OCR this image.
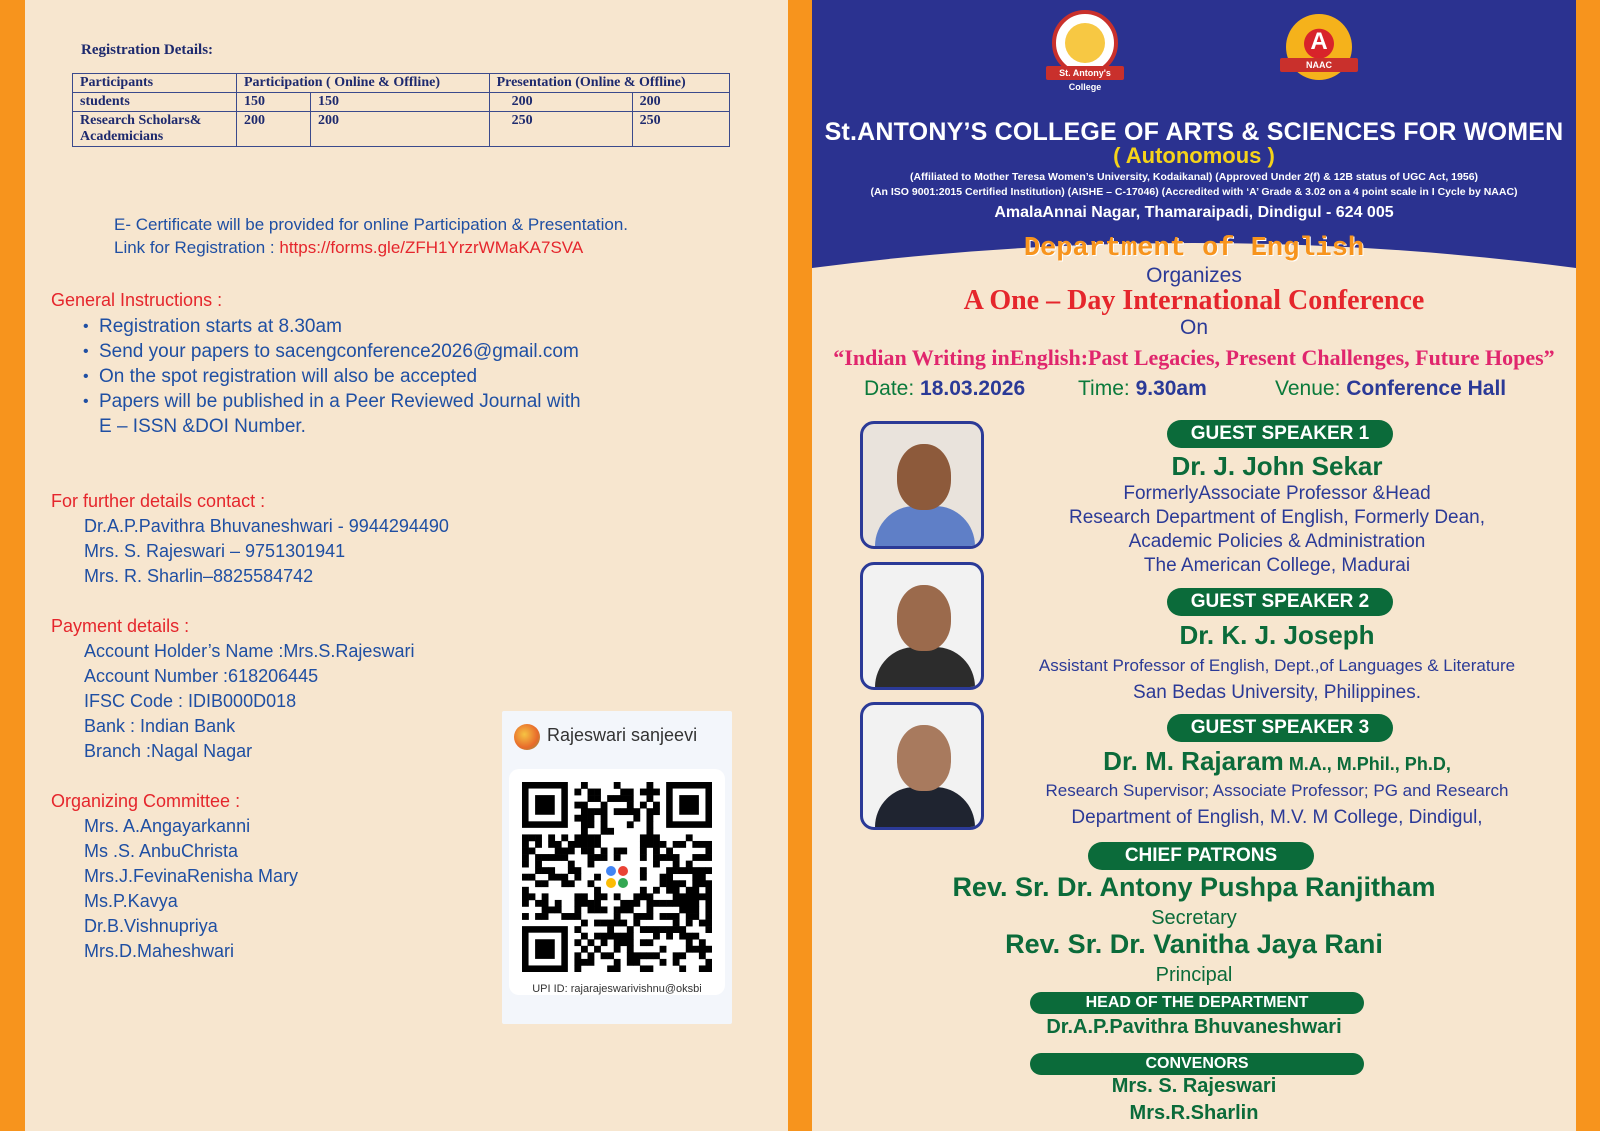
Registration Details:
Participants	Participation ( Online & Offline)		Presentation (Online & Offline)	
students	150	150	200	200
Research Scholars& Academicians	200	200	250	250
E- Certificate will be provided for online Participation & Presentation.
Link for Registration : https://forms.gle/ZFH1YrzrWMaKA7SVA
General Instructions :
• Registration starts at 8.30am
• Send your papers to sacengconference2026@gmail.com
• On the spot registration will also be accepted
• Papers will be published in a Peer Reviewed Journal with
E – ISSN &DOI Number.
For further details contact :
Dr.A.P.Pavithra Bhuvaneshwari - 9944294490
Mrs. S. Rajeswari – 9751301941
Mrs. R. Sharlin–8825584742
Payment details :
Account Holder’s Name :Mrs.S.Rajeswari
Account Number :618206445
IFSC Code : IDIB000D018
Bank : Indian Bank
Branch :Nagal Nagar
Organizing Committee :
Mrs. A.Angayarkanni
Ms .S. AnbuChrista
Mrs.J.FevinaRenisha Mary
Ms.P.Kavya
Dr.B.Vishnupriya
Mrs.D.Maheshwari
Rajeswari sanjeevi
UPI ID: rajarajeswarivishnu@oksbi
St. Antony's College
A
NAAC
St.ANTONY’S COLLEGE OF ARTS & SCIENCES FOR WOMEN
( Autonomous )
(Affiliated to Mother Teresa Women’s University, Kodaikanal) (Approved Under 2(f) & 12B status of UGC Act, 1956)
(An ISO 9001:2015 Certified Institution) (AISHE – C-17046) (Accredited with ‘A’ Grade & 3.02 on a 4 point scale in I Cycle by NAAC)
AmalaAnnai Nagar, Thamaraipadi, Dindigul - 624 005
Department of English
Organizes
A One – Day International Conference
On
“Indian Writing inEnglish:Past Legacies, Present Challenges, Future Hopes”
Date: 18.03.2026	Time: 9.30am	Venue: Conference Hall
GUEST SPEAKER 1
Dr. J. John Sekar
FormerlyAssociate Professor &Head
Research Department of English, Formerly Dean,
Academic Policies & Administration
The American College, Madurai
GUEST SPEAKER 2
Dr. K. J. Joseph
Assistant Professor of English, Dept.,of Languages & Literature
San Bedas University, Philippines.
GUEST SPEAKER 3
Dr. M. Rajaram M.A., M.Phil., Ph.D,
Research Supervisor; Associate Professor; PG and Research
Department of English, M.V. M College, Dindigul,
CHIEF PATRONS
Rev. Sr. Dr. Antony Pushpa Ranjitham
Secretary
Rev. Sr. Dr. Vanitha Jaya Rani
Principal
HEAD OF THE DEPARTMENT
Dr.A.P.Pavithra Bhuvaneshwari
CONVENORS
Mrs. S. Rajeswari
Mrs.R.Sharlin
